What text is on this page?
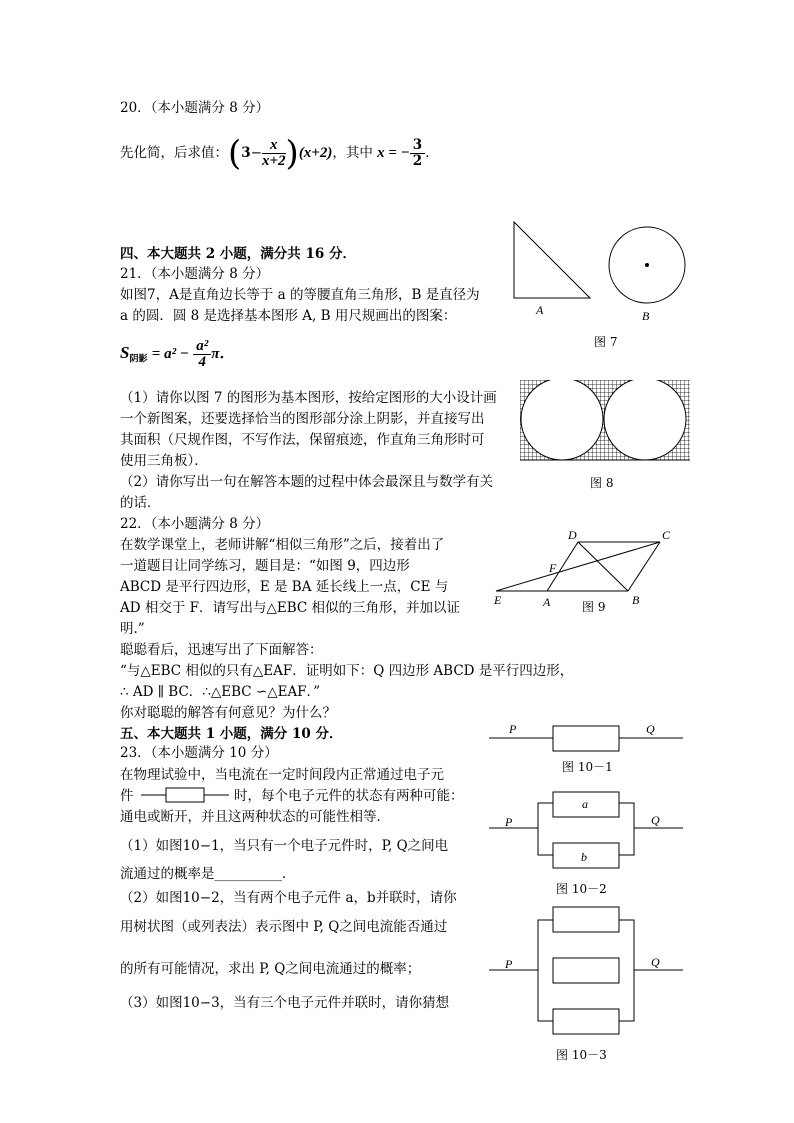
20．（本小题满分 8 分）
先化简，后求值：$(3- \frac{x}{x+2} )(x+2)$，其中 x = − $\frac{3}{2}$ ．
四、本大题共 2 小题，满分共 16 分．
21．（本小题满分 8 分）
如图7，A是直角边长等于 a 的等腰直角三角形，B 是直径为
a 的圆．圆 8 是选择基本图形 A, B 用尺规画出的图案：
$S_{阴影} = a^2 - \frac{\text{a²}}{4}$ π．
（1）请你以图 7 的图形为基本图形，按给定图形的大小设计画
一个新图案，还要选择恰当的图形部分涂上阴影，并直接写出
其面积（尺规作图，不写作法，保留痕迹，作直角三角形时可
使用三角板）．
（2）请你写出一句在解答本题的过程中体会最深且与数学有关
的话．
22．（本小题满分 8 分）
在数学课堂上，老师讲解“相似三角形”之后，接着出了
一道题目让同学练习，题目是：“如图 9，四边形
ABCD 是平行四边形，E 是 BA 延长线上一点，CE 与
AD 相交于 F．请写出与△EBC 相似的三角形，并加以证
明.”
聪聪看后，迅速写出了下面解答：
“与△EBC 相似的只有△EAF．证明如下：Q 四边形 ABCD 是平行四边形，
∴ AD ∥ BC．∴△EBC ∽△EAF．”
你对聪聪的解答有何意见？为什么？
五、本大题共 1 小题，满分 10 分．
23．（本小题满分 10 分）
在物理试验中，当电流在一定时间段内正常通过电子元
件	时，每个电子元件的状态有两种可能：
通电或断开，并且这两种状态的可能性相等．
（1）如图10−1，当只有一个电子元件时，P, Q之间电
流通过的概率是__________．
（2）如图10−2，当有两个电子元件 a，b并联时，请你
用树状图（或列表法）表示图中 P, Q之间电流能否通过
的所有可能情况，求出 P, Q之间电流通过的概率；
（3）如图10−3，当有三个电子元件并联时，请你猜想
A	B
图 7
图 8
D	C
F
E	A	B
图 9
P	Q
图 10－1
a
b
P	Q
图 10－2
P	Q
图 10－3
